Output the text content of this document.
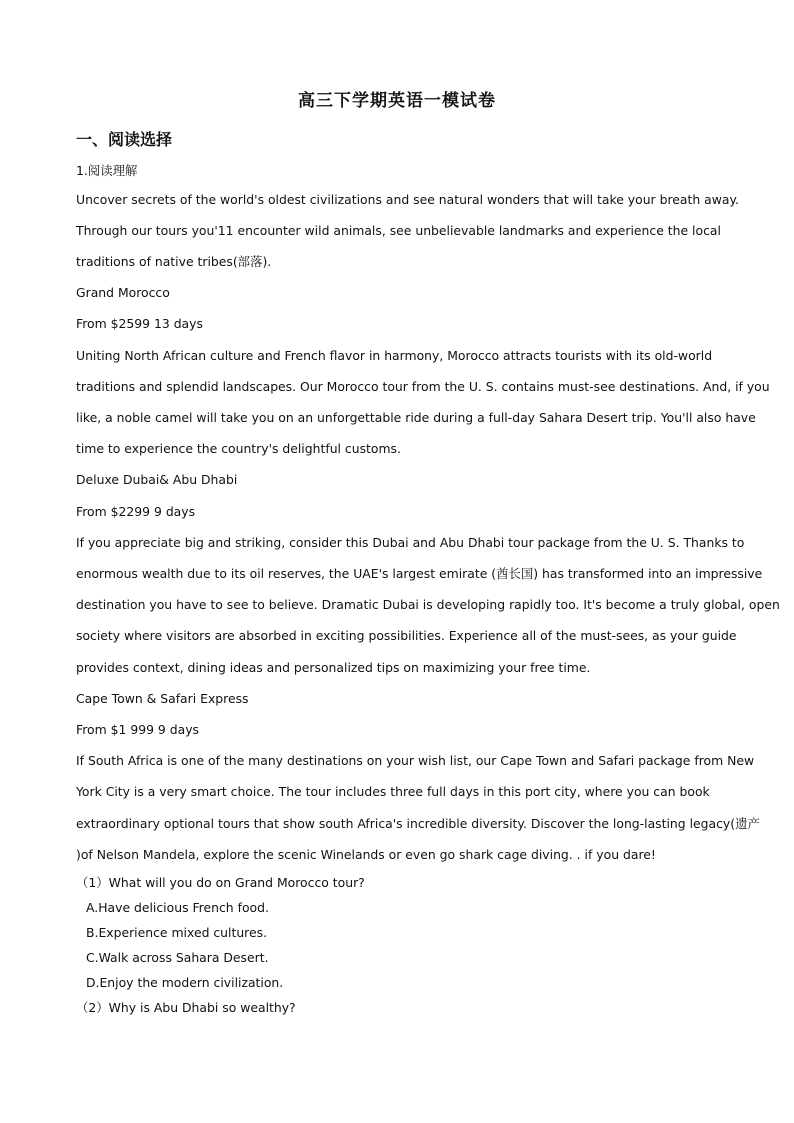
高三下学期英语一模试卷
一、阅读选择
1.阅读理解
Uncover secrets of the world's oldest civilizations and see natural wonders that will take your breath away.
Through our tours you'11 encounter wild animals, see unbelievable landmarks and experience the local
traditions of native tribes(部落).
Grand Morocco
From $2599 13 days
Uniting North African culture and French flavor in harmony, Morocco attracts tourists with its old-world
traditions and splendid landscapes. Our Morocco tour from the U. S. contains must-see destinations. And, if you
like, a noble camel will take you on an unforgettable ride during a full-day Sahara Desert trip. You'll also have
time to experience the country's delightful customs.
Deluxe Dubai& Abu Dhabi
From $2299 9 days
If you appreciate big and striking, consider this Dubai and Abu Dhabi tour package from the U. S. Thanks to
enormous wealth due to its oil reserves, the UAE's largest emirate (酋长国) has transformed into an impressive
destination you have to see to believe. Dramatic Dubai is developing rapidly too. It's become a truly global, open
society where visitors are absorbed in exciting possibilities. Experience all of the must-sees, as your guide
provides context, dining ideas and personalized tips on maximizing your free time.
Cape Town & Safari Express
From $1 999 9 days
If South Africa is one of the many destinations on your wish list, our Cape Town and Safari package from New
York City is a very smart choice. The tour includes three full days in this port city, where you can book
extraordinary optional tours that show south Africa's incredible diversity. Discover the long-lasting legacy(遗产
)of Nelson Mandela, explore the scenic Winelands or even go shark cage diving. . if you dare!
（1）What will you do on Grand Morocco tour?
A.Have delicious French food.
B.Experience mixed cultures.
C.Walk across Sahara Desert.
D.Enjoy the modern civilization.
（2）Why is Abu Dhabi so wealthy?
